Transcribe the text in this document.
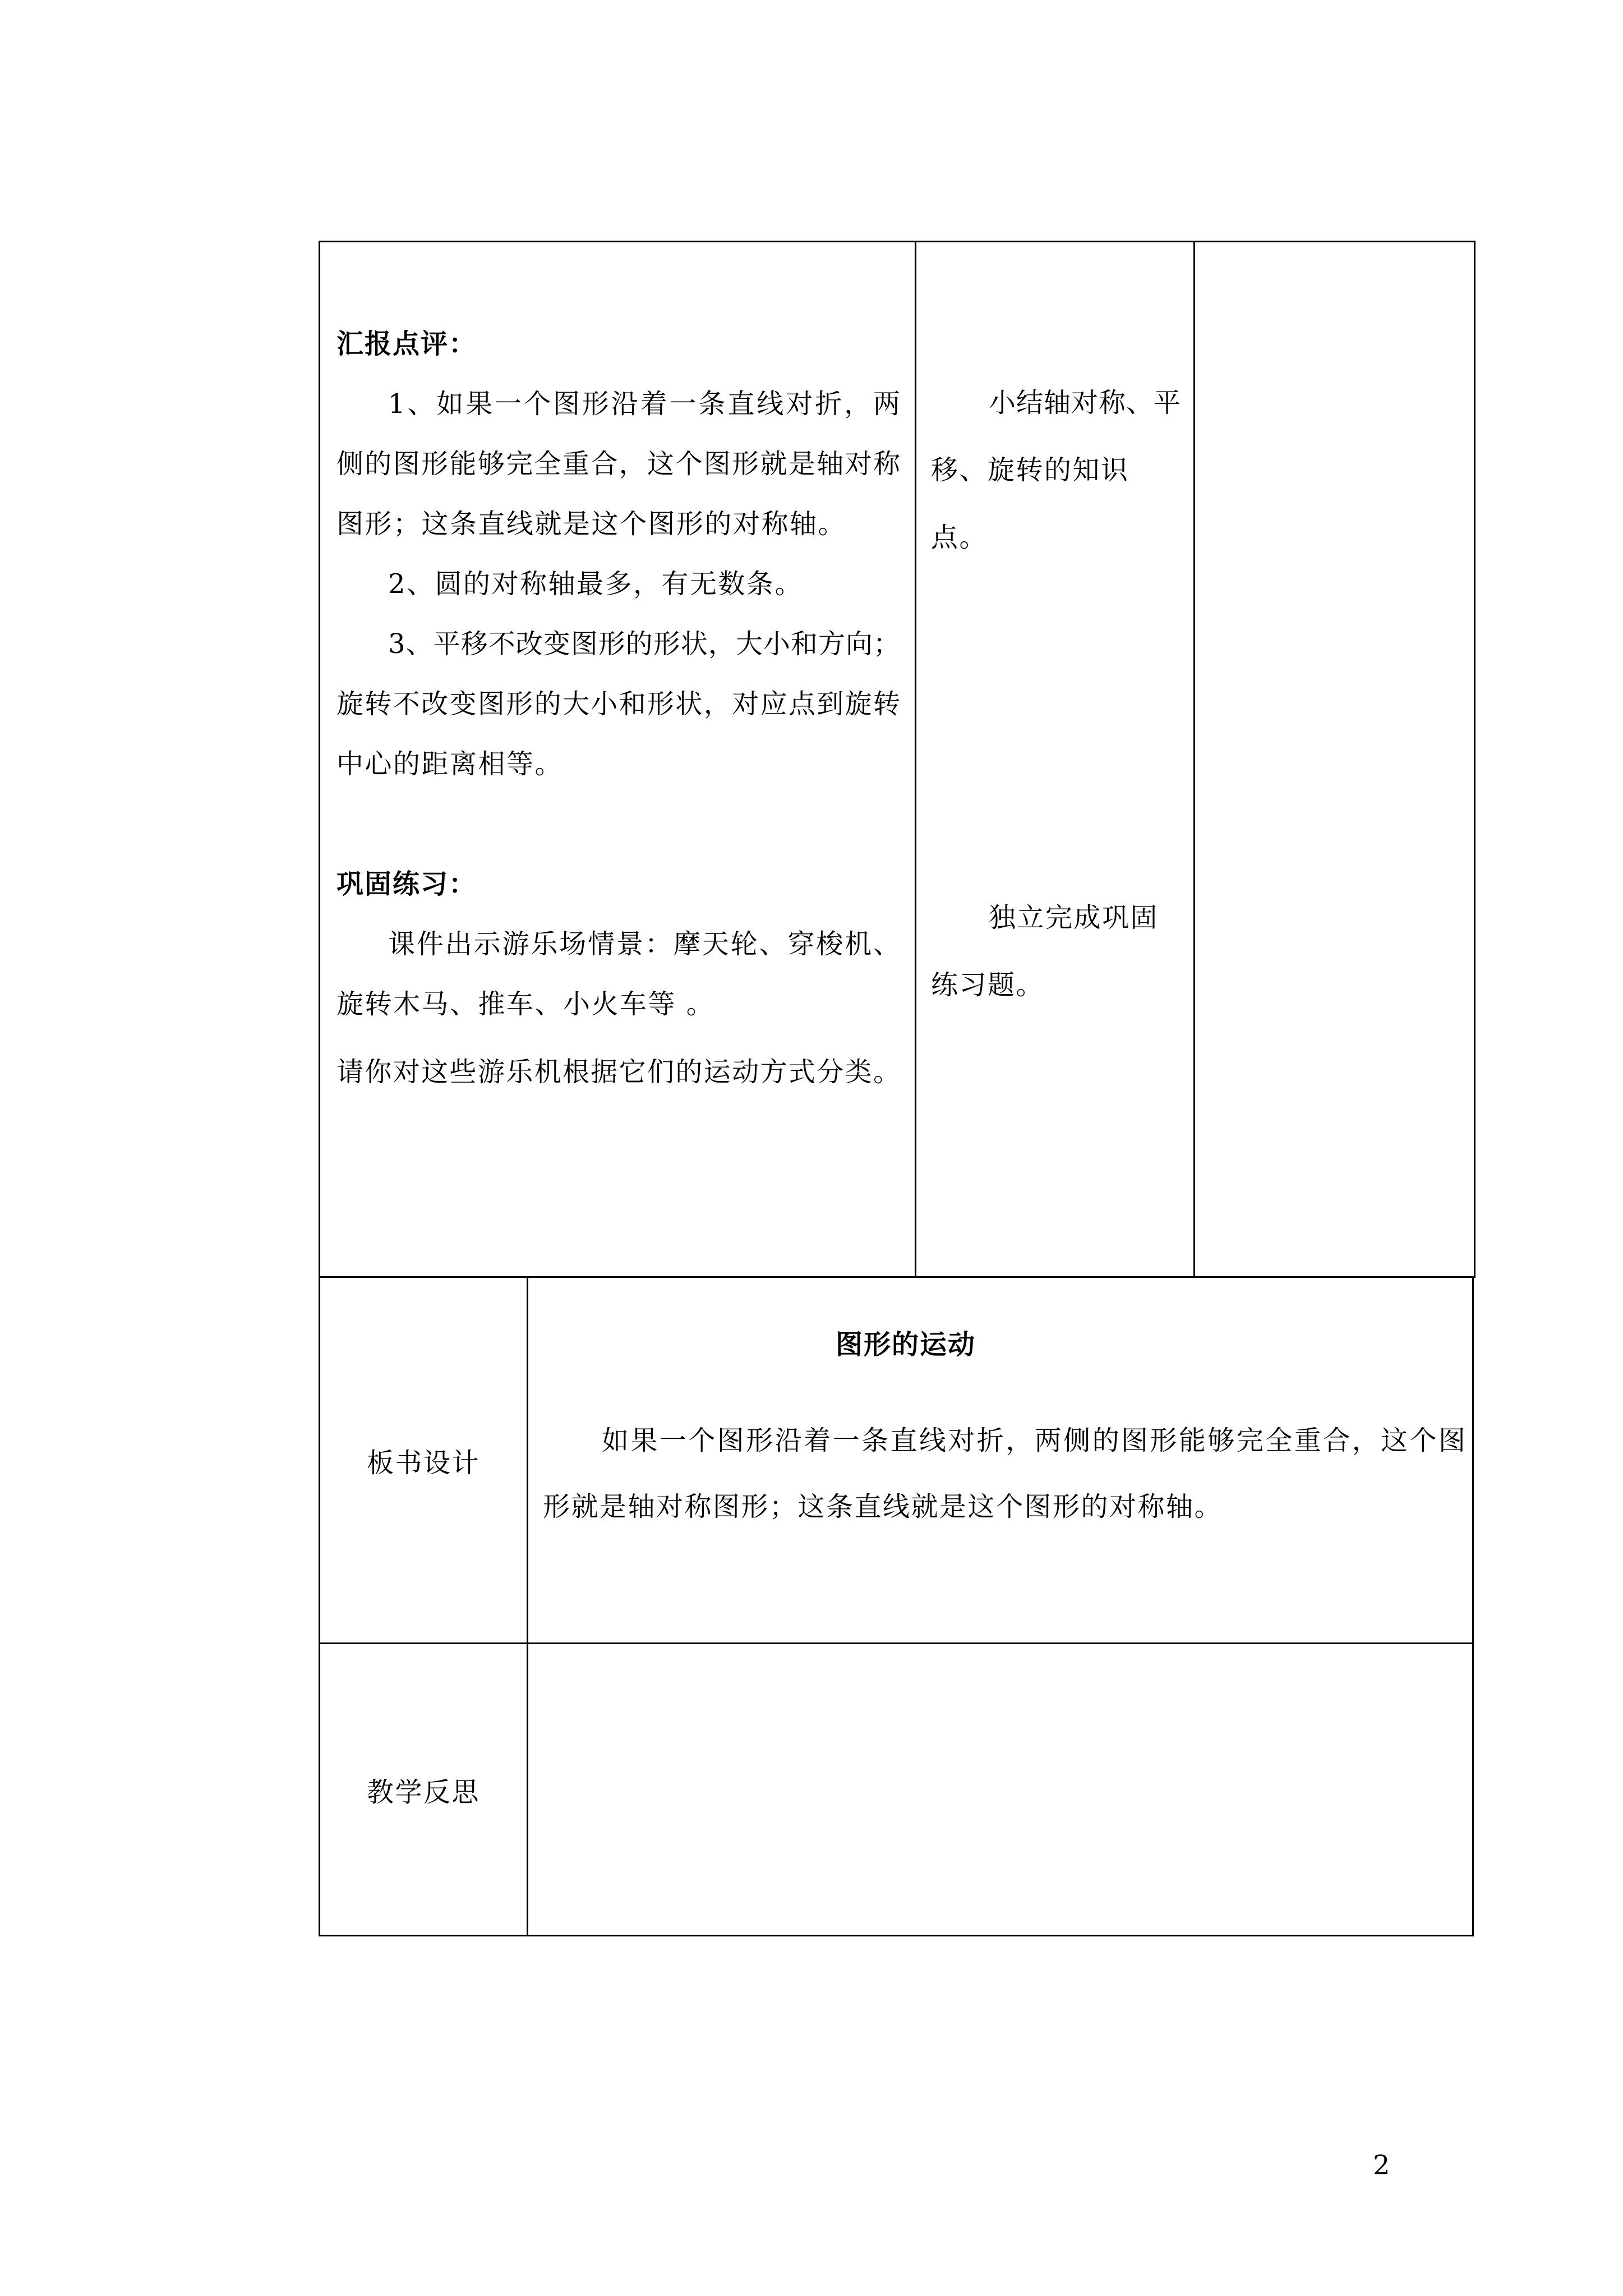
汇报点评：
1、如果一个图形沿着一条直线对折，两
侧的图形能够完全重合，这个图形就是轴对称
图形；这条直线就是这个图形的对称轴。
2、圆的对称轴最多，有无数条。
3、平移不改变图形的形状，大小和方向；
旋转不改变图形的大小和形状，对应点到旋转
中心的距离相等。
巩固练习：
课件出示游乐场情景：摩天轮、穿梭机、
旋转木马、推车、小火车等 。
请你对这些游乐机根据它们的运动方式分类。
小结轴对称、平
移、旋转的知识点。
独立完成巩固
练习题。
板书设计
图形的运动
如果一个图形沿着一条直线对折，两侧的图形能够完全重合，这个图
形就是轴对称图形；这条直线就是这个图形的对称轴。
教学反思
2
